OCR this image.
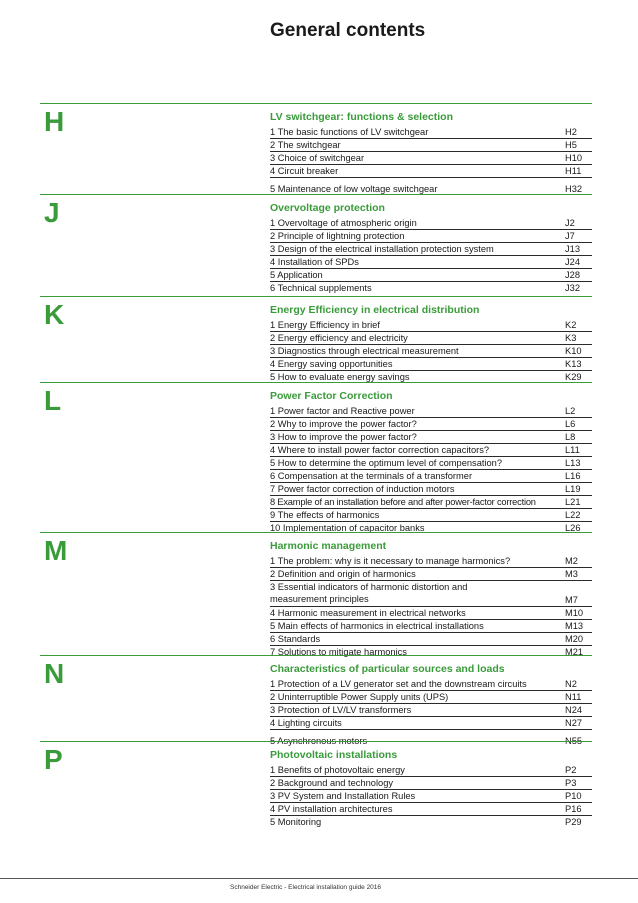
General contents
H	LV switchgear: functions & selection
1 The basic functions of LV switchgear	H2
2 The switchgear	H5
3 Choice of switchgear	H10
4 Circuit breaker	H11
5 Maintenance of low voltage switchgear	H32
J	Overvoltage protection
1 Overvoltage of atmospheric origin	J2
2 Principle of lightning protection	J7
3 Design of the electrical installation protection system	J13
4 Installation of SPDs	J24
5 Application	J28
6 Technical supplements	J32
K	Energy Efficiency in electrical distribution
1 Energy Efficiency in brief	K2
2 Energy efficiency and electricity	K3
3 Diagnostics through electrical measurement	K10
4 Energy saving opportunities	K13
5 How to evaluate energy savings	K29
L	Power Factor Correction
1 Power factor and Reactive power	L2
2 Why to improve the power factor?	L6
3 How to improve the power factor?	L8
4 Where to install power factor correction capacitors?	L11
5 How to determine the optimum level of compensation?	L13
6 Compensation at the terminals of a transformer	L16
7 Power factor correction of induction motors	L19
8 Example of an installation before and after power-factor correction	L21
9 The effects of harmonics	L22
10 Implementation of capacitor banks	L26
M	Harmonic management
1 The problem: why is it necessary to manage harmonics?	M2
2 Definition and origin of harmonics	M3
3 Essential indicators of harmonic distortion and measurement principles	M7
4 Harmonic measurement in electrical networks	M10
5 Main effects of harmonics in electrical installations	M13
6 Standards	M20
7 Solutions to mitigate harmonics	M21
N	Characteristics of particular sources and loads
1 Protection of a LV generator set and the downstream circuits	N2
2 Uninterruptible Power Supply units (UPS)	N11
3 Protection of LV/LV transformers	N24
4 Lighting circuits	N27
5 Asynchronous motors	N55
P	Photovoltaic installations
1 Benefits of photovoltaic energy	P2
2 Background and technology	P3
3 PV System and Installation Rules	P10
4 PV installation architectures	P16
5 Monitoring	P29
Schneider Electric - Electrical installation guide 2016
